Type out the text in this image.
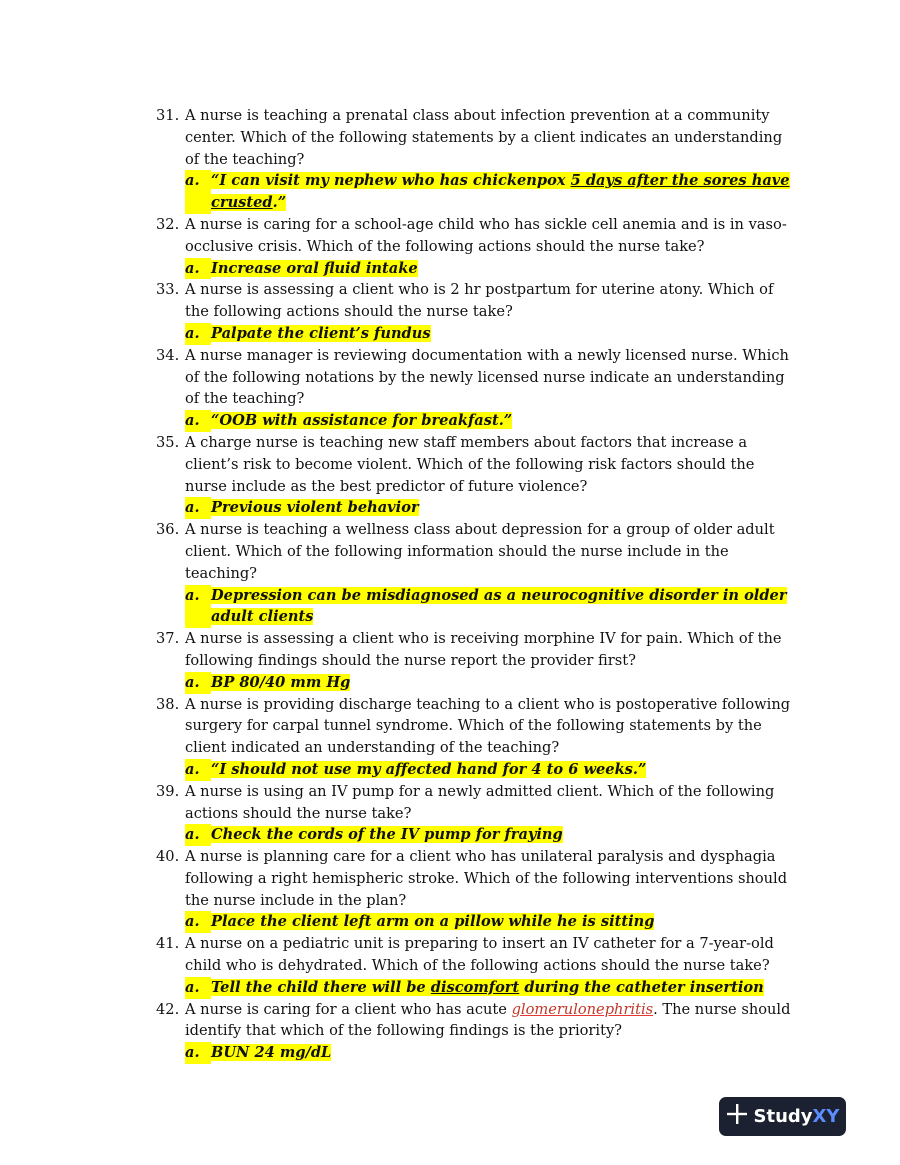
31. A nurse is teaching a prenatal class about infection prevention at a community center. Which of the following statements by a client indicates an understanding of the teaching?
a. “I can visit my nephew who has chickenpox 5 days after the sores have crusted.”
32. A nurse is caring for a school-age child who has sickle cell anemia and is in vaso-occlusive crisis. Which of the following actions should the nurse take?
a. Increase oral fluid intake
33. A nurse is assessing a client who is 2 hr postpartum for uterine atony. Which of the following actions should the nurse take?
a. Palpate the client’s fundus
34. A nurse manager is reviewing documentation with a newly licensed nurse. Which of the following notations by the newly licensed nurse indicate an understanding of the teaching?
a. “OOB with assistance for breakfast.”
35. A charge nurse is teaching new staff members about factors that increase a client’s risk to become violent. Which of the following risk factors should the nurse include as the best predictor of future violence?
a. Previous violent behavior
36. A nurse is teaching a wellness class about depression for a group of older adult client. Which of the following information should the nurse include in the teaching?
a. Depression can be misdiagnosed as a neurocognitive disorder in older adult clients
37. A nurse is assessing a client who is receiving morphine IV for pain. Which of the following findings should the nurse report the provider first?
a. BP 80/40 mm Hg
38. A nurse is providing discharge teaching to a client who is postoperative following surgery for carpal tunnel syndrome. Which of the following statements by the client indicated an understanding of the teaching?
a. “I should not use my affected hand for 4 to 6 weeks.”
39. A nurse is using an IV pump for a newly admitted client. Which of the following actions should the nurse take?
a. Check the cords of the IV pump for fraying
40. A nurse is planning care for a client who has unilateral paralysis and dysphagia following a right hemispheric stroke. Which of the following interventions should the nurse include in the plan?
a. Place the client left arm on a pillow while he is sitting
41. A nurse on a pediatric unit is preparing to insert an IV catheter for a 7-year-old child who is dehydrated. Which of the following actions should the nurse take?
a. Tell the child there will be discomfort during the catheter insertion
42. A nurse is caring for a client who has acute glomerulonephritis. The nurse should identify that which of the following findings is the priority?
a. BUN 24 mg/dL
Study XY
